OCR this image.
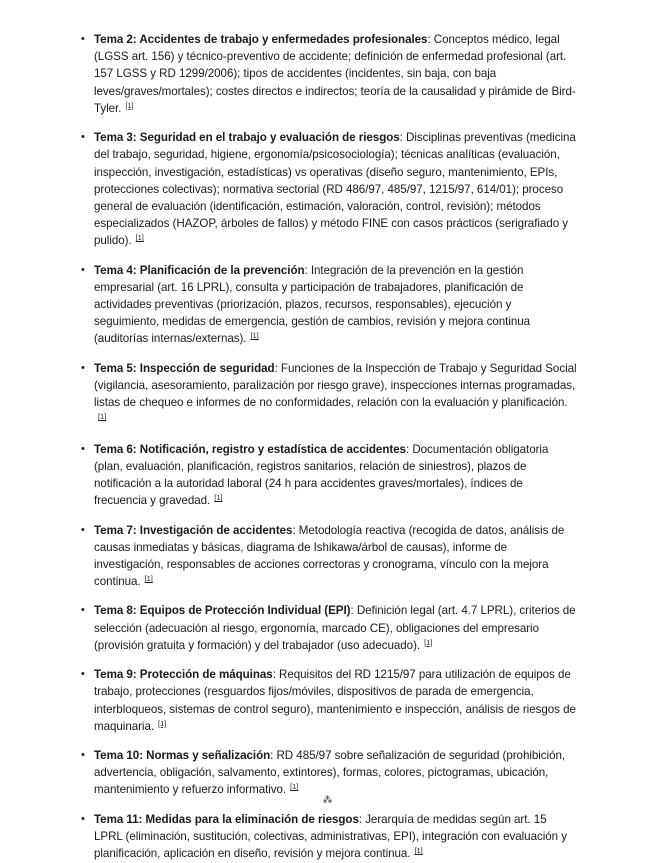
• Tema 2: Accidentes de trabajo y enfermedades profesionales: Conceptos médico, legal (LGSS art. 156) y técnico-preventivo de accidente; definición de enfermedad profesional (art. 157 LGSS y RD 1299/2006); tipos de accidentes (incidentes, sin baja, con baja leves/graves/mortales); costes directos e indirectos; teoría de la causalidad y pirámide de Bird-Tyler. [1]
• Tema 3: Seguridad en el trabajo y evaluación de riesgos: Disciplinas preventivas (medicina del trabajo, seguridad, higiene, ergonomía/psicosociología); técnicas analíticas (evaluación, inspección, investigación, estadísticas) vs operativas (diseño seguro, mantenimiento, EPIs, protecciones colectivas); normativa sectorial (RD 486/97, 485/97, 1215/97, 614/01); proceso general de evaluación (identificación, estimación, valoración, control, revisión); métodos especializados (HAZOP, árboles de fallos) y método FINE con casos prácticos (serigrafiado y pulido). [1]
• Tema 4: Planificación de la prevención: Integración de la prevención en la gestión empresarial (art. 16 LPRL), consulta y participación de trabajadores, planificación de actividades preventivas (priorización, plazos, recursos, responsables), ejecución y seguimiento, medidas de emergencia, gestión de cambios, revisión y mejora continua (auditorías internas/externas). [1]
• Tema 5: Inspección de seguridad: Funciones de la Inspección de Trabajo y Seguridad Social (vigilancia, asesoramiento, paralización por riesgo grave), inspecciones internas programadas, listas de chequeo e informes de no conformidades, relación con la evaluación y planificación.[1]
• Tema 6: Notificación, registro y estadística de accidentes: Documentación obligatoria (plan, evaluación, planificación, registros sanitarios, relación de siniestros), plazos de notificación a la autoridad laboral (24 h para accidentes graves/mortales), índices de frecuencia y gravedad. [1]
• Tema 7: Investigación de accidentes: Metodología reactiva (recogida de datos, análisis de causas inmediatas y básicas, diagrama de Ishikawa/árbol de causas), informe de investigación, responsables de acciones correctoras y cronograma, vínculo con la mejora continua. [1]
• Tema 8: Equipos de Protección Individual (EPI): Definición legal (art. 4.7 LPRL), criterios de selección (adecuación al riesgo, ergonomía, marcado CE), obligaciones del empresario (provisión gratuita y formación) y del trabajador (uso adecuado). [1]
• Tema 9: Protección de máquinas: Requisitos del RD 1215/97 para utilización de equipos de trabajo, protecciones (resguardos fijos/móviles, dispositivos de parada de emergencia, interbloqueos, sistemas de control seguro), mantenimiento e inspección, análisis de riesgos de maquinaria. [1]
• Tema 10: Normas y señalización: RD 485/97 sobre señalización de seguridad (prohibición, advertencia, obligación, salvamento, extintores), formas, colores, pictogramas, ubicación, mantenimiento y refuerzo informativo. [1]
• Tema 11: Medidas para la eliminación de riesgos: Jerarquía de medidas según art. 15 LPRL (eliminación, sustitución, colectivas, administrativas, EPI), integración con evaluación y planificación, aplicación en diseño, revisión y mejora continua. [1]
⁂
